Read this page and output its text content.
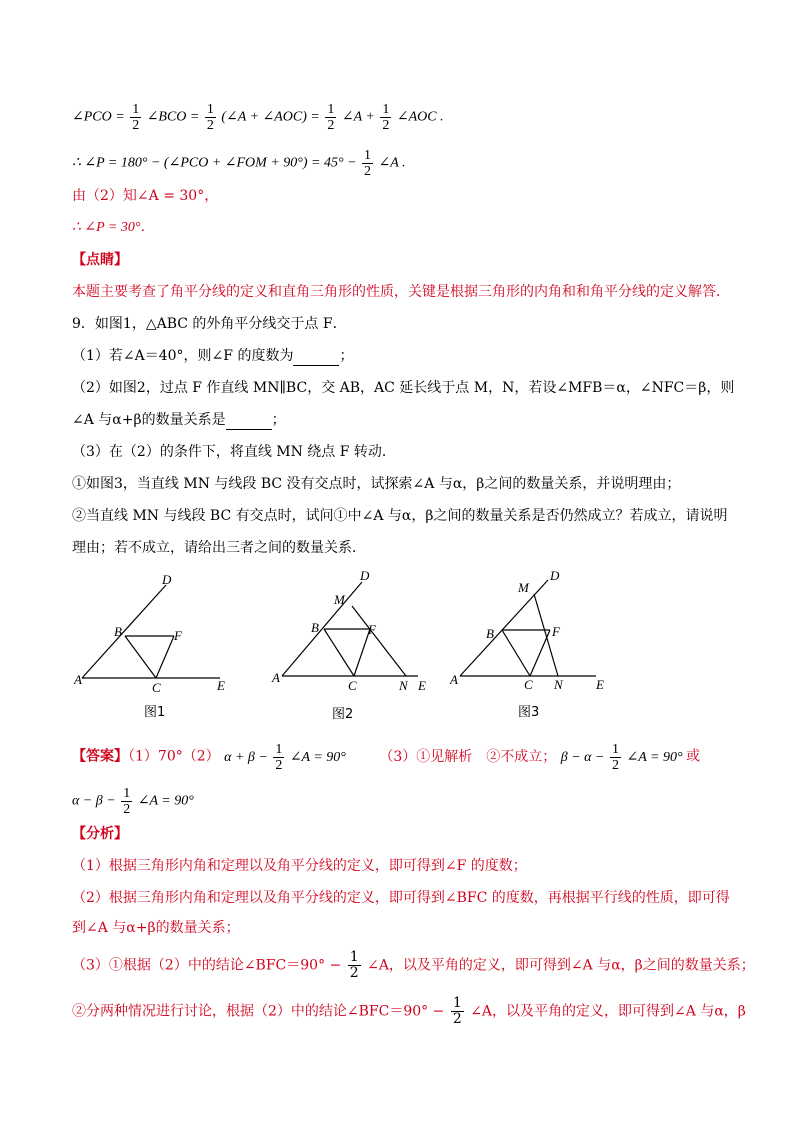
∠PCO = $\frac{1}{2}$ ∠BCO = $\frac{1}{2}$ (∠A + ∠AOC) = $\frac{1}{2}$ ∠A + $\frac{1}{2}$ ∠AOC .
∴ ∠P = 180° − (∠PCO + ∠FOM + $90^\circ) = 45^\circ - \frac{1}{2}$ ∠A .
由（2）知∠A = 30°，
∴ ∠P = 30°．
【点睛】
本题主要考查了角平分线的定义和直角三角形的性质，关键是根据三角形的内角和和角平分线的定义解答．
9．如图1，△ABC 的外角平分线交于点 F．
（1）若∠A＝40°，则∠F 的度数为	；
（2）如图2，过点 F 作直线 MN∥BC，交 AB，AC 延长线于点 M，N，若设∠MFB＝α，∠NFC＝β，则
∠A 与α+β的数量关系是	；
（3）在（2）的条件下，将直线 MN 绕点 F 转动．
①如图3，当直线 MN 与线段 BC 没有交点时，试探索∠A 与α，β之间的数量关系，并说明理由；
②当直线 MN 与线段 BC 有交点时，试问①中∠A 与α，β之间的数量关系是否仍然成立？若成立，请说明
理由；若不成立，请给出三者之间的数量关系．
D
B	F
A
C	E
图1
D
M
B	F
A
C	N E
图2
D
M
B	F
A	C N	E
图3
【答案】（1）70°（2） $\alpha + \beta - \frac{1}{2}$ ∠A = 90° （3）①见解析　②不成立； $\beta - \alpha - \frac{1}{2}$ ∠A = 90° 或
$\alpha - \beta - \frac{1}{2}$ ∠A = 90°
【分析】
（1）根据三角形内角和定理以及角平分线的定义，即可得到∠F 的度数；
（2）根据三角形内角和定理以及角平分线的定义，即可得到∠BFC 的度数，再根据平行线的性质，即可得
到∠A 与α+β的数量关系；
（3）①根据（2）中的结论∠BFC＝90° − $\frac{1}{2}$ ∠A，以及平角的定义，即可得到∠A 与α，β之间的数量关系；
②分两种情况进行讨论，根据（2）中的结论∠BFC＝90° − $\frac{1}{2}$ ∠A，以及平角的定义，即可得到∠A 与α，β
